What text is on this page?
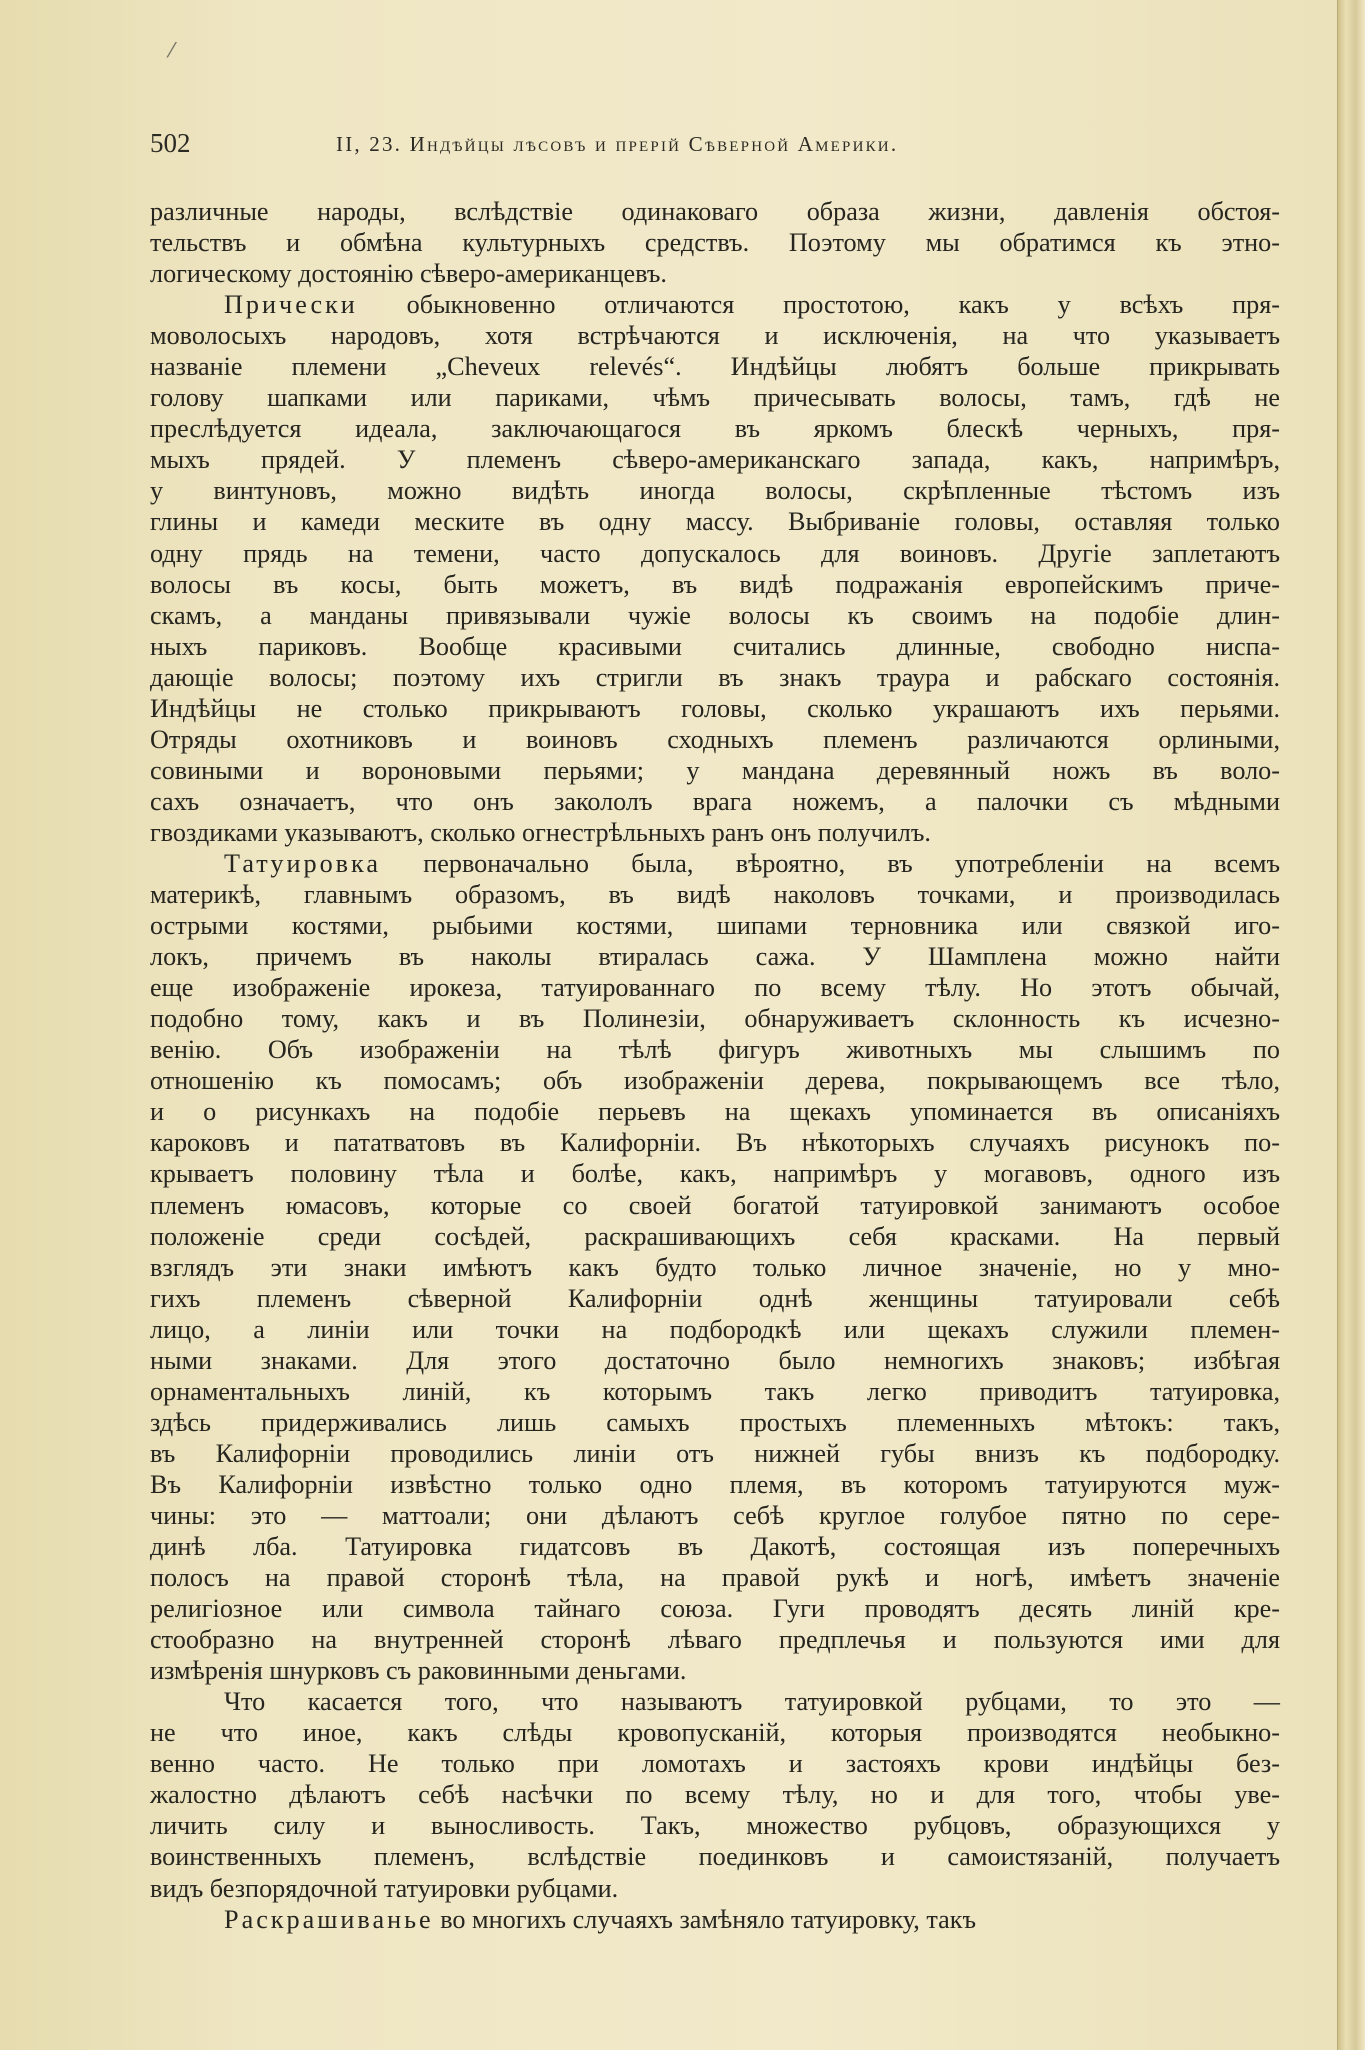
⁄
502	II, 23. Индѣйцы лѣсовъ и прерiй Сѣверной Америки.
различные народы, вслѣдствiе одинаковаго образа жизни, давленiя обстоя-
тельствъ и обмѣна культурныхъ средствъ. Поэтому мы обратимся къ этно-
логическому достоянiю сѣверо-американцевъ.
Прически обыкновенно отличаются простотою, какъ у всѣхъ пря-
моволосыхъ народовъ, хотя встрѣчаются и исключенiя, на что указываетъ
названiе племени „Cheveux relevés“. Индѣйцы любятъ больше прикрывать
голову шапками или париками, чѣмъ причесывать волосы, тамъ, гдѣ не
преслѣдуется идеала, заключающагося въ яркомъ блескѣ черныхъ, пря-
мыхъ прядей. У племенъ сѣверо-американскаго запада, какъ, напримѣръ,
у винтуновъ, можно видѣть иногда волосы, скрѣпленные тѣстомъ изъ
глины и камеди мескитe въ одну массу. Выбриванiе головы, оставляя только
одну прядь на темени, часто допускалось для воиновъ. Другiе заплетаютъ
волосы въ косы, быть можетъ, въ видѣ подражанiя европейскимъ приче-
скамъ, а манданы привязывали чужiе волосы къ своимъ на подобiе длин-
ныхъ париковъ. Вообще красивыми считались длинные, свободно ниспа-
дающiе волосы; поэтому ихъ стригли въ знакъ траура и рабскаго состоянiя.
Индѣйцы не столько прикрываютъ головы, сколько украшаютъ ихъ перьями.
Отряды охотниковъ и воиновъ сходныхъ племенъ различаются орлиными,
совиными и вороновыми перьями; у мандана деревянный ножъ въ воло-
сахъ означаетъ, что онъ закололъ врага ножемъ, а палочки съ мѣдными
гвоздиками указываютъ, сколько огнестрѣльныхъ ранъ онъ получилъ.
Татуировка первоначально была, вѣроятно, въ употребленiи на всемъ
материкѣ, главнымъ образомъ, въ видѣ наколовъ точками, и производилась
острыми костями, рыбьими костями, шипами терновника или связкой иго-
локъ, причемъ въ наколы втиралась сажа. У Шамплена можно найти
еще изображенiе ирокеза, татуированнаго по всему тѣлу. Но этотъ обычай,
подобно тому, какъ и въ Полинезiи, обнаруживаетъ склонность къ исчезно-
венiю. Объ изображенiи на тѣлѣ фигуръ животныхъ мы слышимъ по
отношенiю къ помосамъ; объ изображенiи дерева, покрывающемъ все тѣло,
и о рисункахъ на подобiе перьевъ на щекахъ упоминается въ описанiяхъ
кароковъ и пататватовъ въ Калифорнiи. Въ нѣкоторыхъ случаяхъ рисунокъ по-
крываетъ половину тѣла и болѣе, какъ, напримѣръ у могавовъ, одного изъ
племенъ юмасовъ, которые со своей богатой татуировкой занимаютъ особое
положенiе среди сосѣдей, раскрашивающихъ себя красками. На первый
взглядъ эти знаки имѣютъ какъ будто только личное значенiе, но у мно-
гихъ племенъ сѣверной Калифорнiи однѣ женщины татуировали себѣ
лицо, а линiи или точки на подбородкѣ или щекахъ служили племен-
ными знаками. Для этого достаточно было немногихъ знаковъ; избѣгая
орнаментальныхъ линiй, къ которымъ такъ легко приводитъ татуировка,
здѣсь придерживались лишь самыхъ простыхъ племенныхъ мѣтокъ: такъ,
въ Калифорнiи проводились линiи отъ нижней губы внизъ къ подбородку.
Въ Калифорнiи извѣстно только одно племя, въ которомъ татуируются муж-
чины: это — маттоали; они дѣлаютъ себѣ круглое голубое пятно по сере-
динѣ лба. Татуировка гидатсовъ въ Дакотѣ, состоящая изъ поперечныхъ
полосъ на правой сторонѣ тѣла, на правой рукѣ и ногѣ, имѣетъ значенiе
религiозное или символа тайнаго союза. Гуги проводятъ десять линiй кре-
стообразно на внутренней сторонѣ лѣваго предплечья и пользуются ими для
измѣренiя шнурковъ съ раковинными деньгами.
Что касается того, что называютъ татуировкой рубцами, то это —
не что иное, какъ слѣды кровопусканiй, которыя производятся необыкно-
венно часто. Не только при ломотахъ и застояхъ крови индѣйцы без-
жалостно дѣлаютъ себѣ насѣчки по всему тѣлу, но и для того, чтобы уве-
личить силу и выносливость. Такъ, множество рубцовъ, образующихся у
воинственныхъ племенъ, вслѣдствiе поединковъ и самоистязанiй, получаетъ
видъ безпорядочной татуировки рубцами.
Раскрашиванье во многихъ случаяхъ замѣняло татуировку, такъ
